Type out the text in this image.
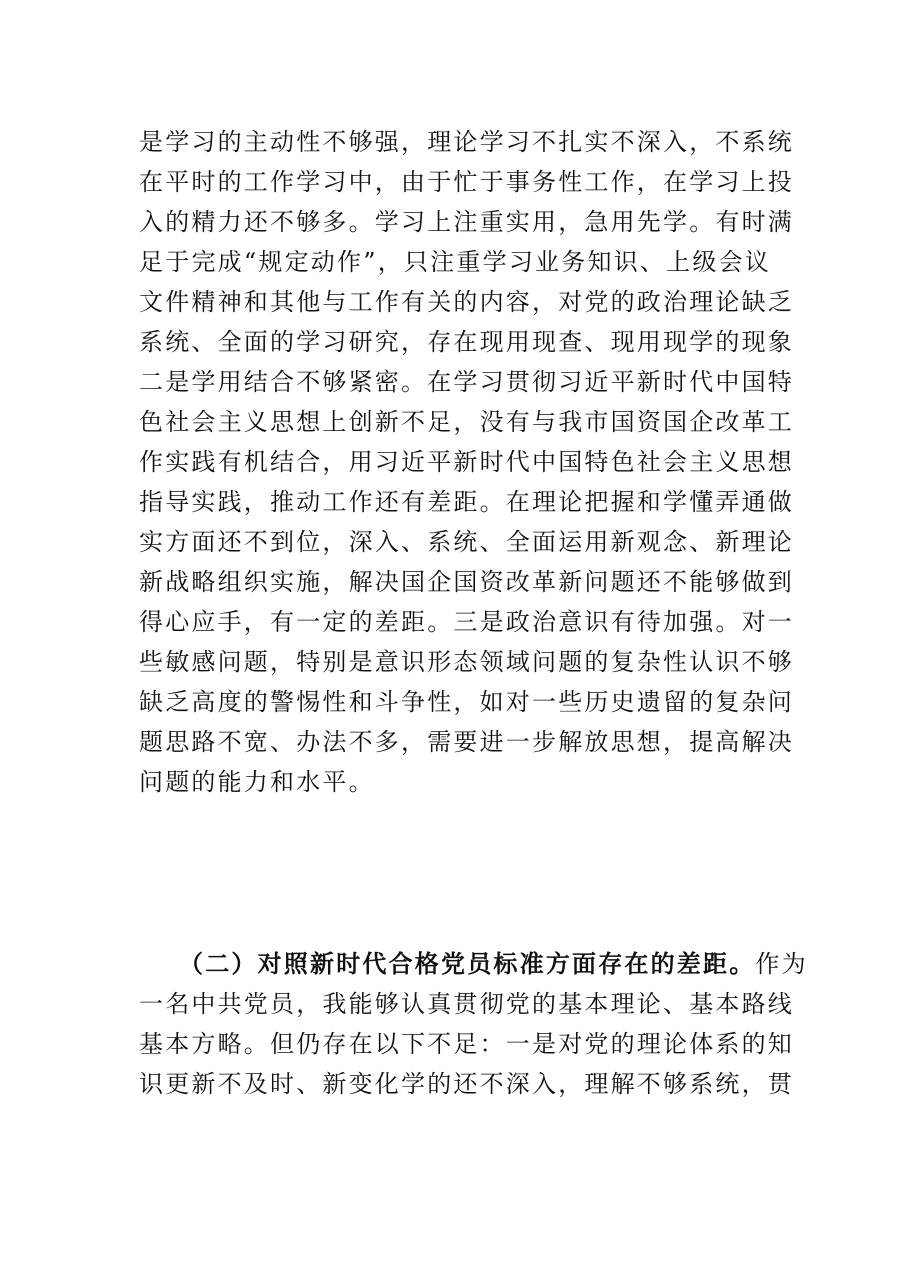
是学习的主动性不够强，理论学习不扎实不深入，不系统
在平时的工作学习中，由于忙于事务性工作，在学习上投
入的精力还不够多。学习上注重实用，急用先学。有时满
足于完成“规定动作”，只注重学习业务知识、上级会议
文件精神和其他与工作有关的内容，对党的政治理论缺乏
系统、全面的学习研究，存在现用现查、现用现学的现象
二是学用结合不够紧密。在学习贯彻习近平新时代中国特
色社会主义思想上创新不足，没有与我市国资国企改革工
作实践有机结合，用习近平新时代中国特色社会主义思想
指导实践，推动工作还有差距。在理论把握和学懂弄通做
实方面还不到位，深入、系统、全面运用新观念、新理论
新战略组织实施，解决国企国资改革新问题还不能够做到
得心应手，有一定的差距。三是政治意识有待加强。对一
些敏感问题，特别是意识形态领域问题的复杂性认识不够
缺乏高度的警惕性和斗争性，如对一些历史遗留的复杂问
题思路不宽、办法不多，需要进一步解放思想，提高解决
问题的能力和水平。
（二）对照新时代合格党员标准方面存在的差距。作为
一名中共党员，我能够认真贯彻党的基本理论、基本路线
基本方略。但仍存在以下不足：一是对党的理论体系的知
识更新不及时、新变化学的还不深入，理解不够系统，贯
